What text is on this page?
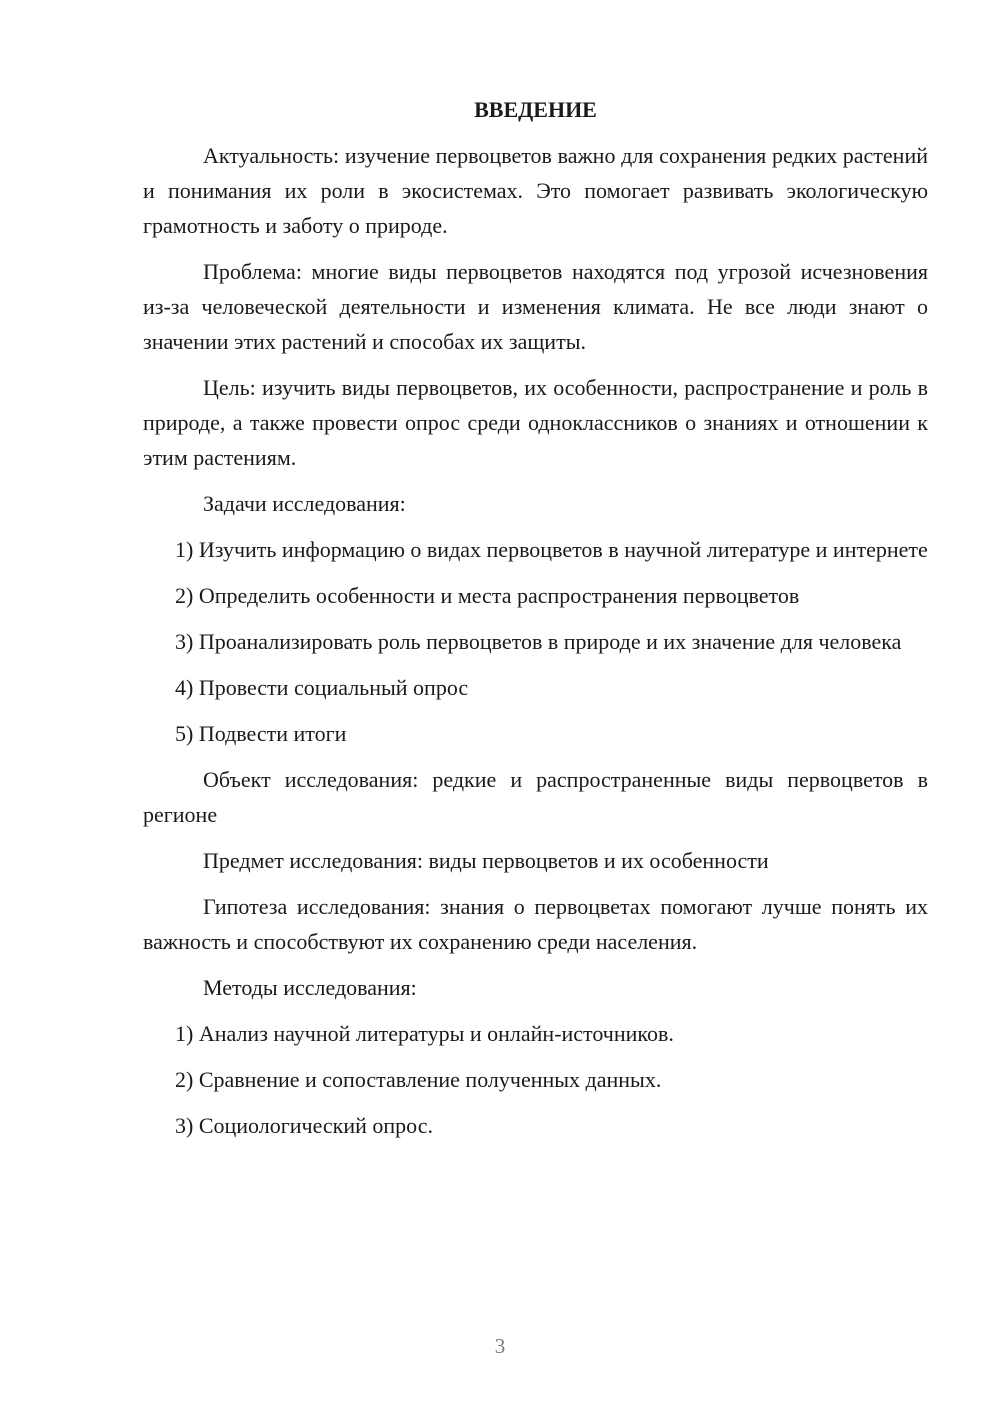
ВВЕДЕНИЕ

Актуальность: изучение первоцветов важно для сохранения редких растений и понимания их роли в экосистемах. Это помогает развивать экологическую грамотность и заботу о природе.

Проблема: многие виды первоцветов находятся под угрозой исчезновения из-за человеческой деятельности и изменения климата. Не все люди знают о значении этих растений и способах их защиты.

Цель: изучить виды первоцветов, их особенности, распространение и роль в природе, а также провести опрос среди одноклассников о знаниях и отношении к этим растениям.

Задачи исследования:

1) Изучить информацию о видах первоцветов в научной литературе и интернете

2) Определить особенности и места распространения первоцветов

3) Проанализировать роль первоцветов в природе и их значение для человека

4) Провести социальный опрос

5) Подвести итоги

Объект исследования: редкие и распространенные виды первоцветов в регионе

Предмет исследования: виды первоцветов и их особенности

Гипотеза исследования: знания о первоцветах помогают лучше понять их важность и способствуют их сохранению среди населения.

Методы исследования:

1) Анализ научной литературы и онлайн-источников.

2) Сравнение и сопоставление полученных данных.

3) Социологический опрос.

3
